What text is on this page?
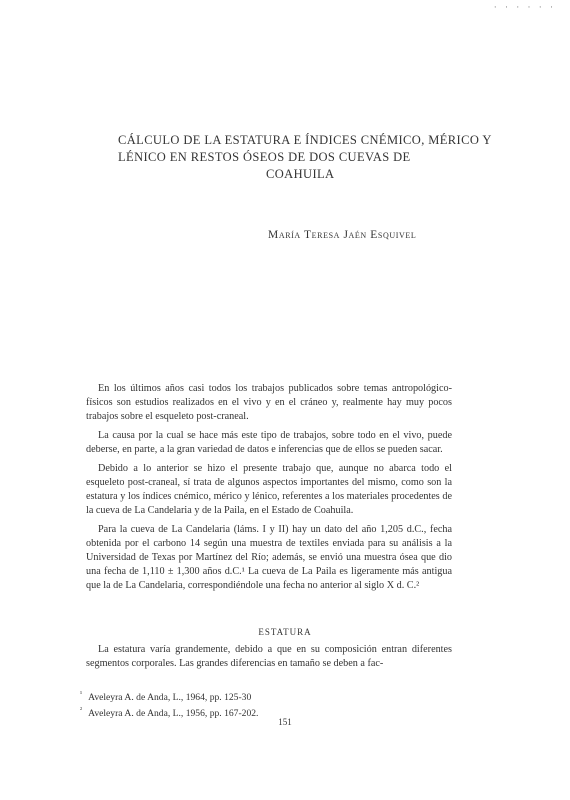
· · · · · ·
CÁLCULO DE LA ESTATURA E ÍNDICES CNÉMICO, MÉRICO Y
LÉNICO EN RESTOS ÓSEOS DE DOS CUEVAS DE
COAHUILA
María Teresa Jaén Esquivel

En los últimos años casi todos los trabajos publicados sobre temas antropológico-físicos son estudios realizados en el vivo y en el cráneo y, realmente hay muy pocos trabajos sobre el esqueleto post-craneal.

La causa por la cual se hace más este tipo de trabajos, sobre todo en el vivo, puede deberse, en parte, a la gran variedad de datos e inferencias que de ellos se pueden sacar.

Debido a lo anterior se hizo el presente trabajo que, aunque no abarca todo el esqueleto post-craneal, sí trata de algunos aspectos importantes del mismo, como son la estatura y los índices cnémico, mérico y lénico, referentes a los materiales procedentes de la cueva de La Candelaria y de la Paila, en el Estado de Coahuila.

Para la cueva de La Candelaria (láms. I y II) hay un dato del año 1,205 d.C., fecha obtenida por el carbono 14 según una muestra de textiles enviada para su análisis a la Universidad de Texas por Martínez del Río; además, se envió una muestra ósea que dio una fecha de 1,110 ± 1,300 años d.C.¹ La cueva de La Paila es ligeramente más antigua que la de La Candelaria, correspondiéndole una fecha no anterior al siglo X d. C.²

ESTATURA

La estatura varía grandemente, debido a que en su composición entran diferentes segmentos corporales. Las grandes diferencias en tamaño se deben a fac-

$^{^1}$ Aveleyra A. de Anda, L., 1964, pp. 125-30
$^{^2}$ Aveleyra A. de Anda, L., 1956, pp. 167-202.
151
